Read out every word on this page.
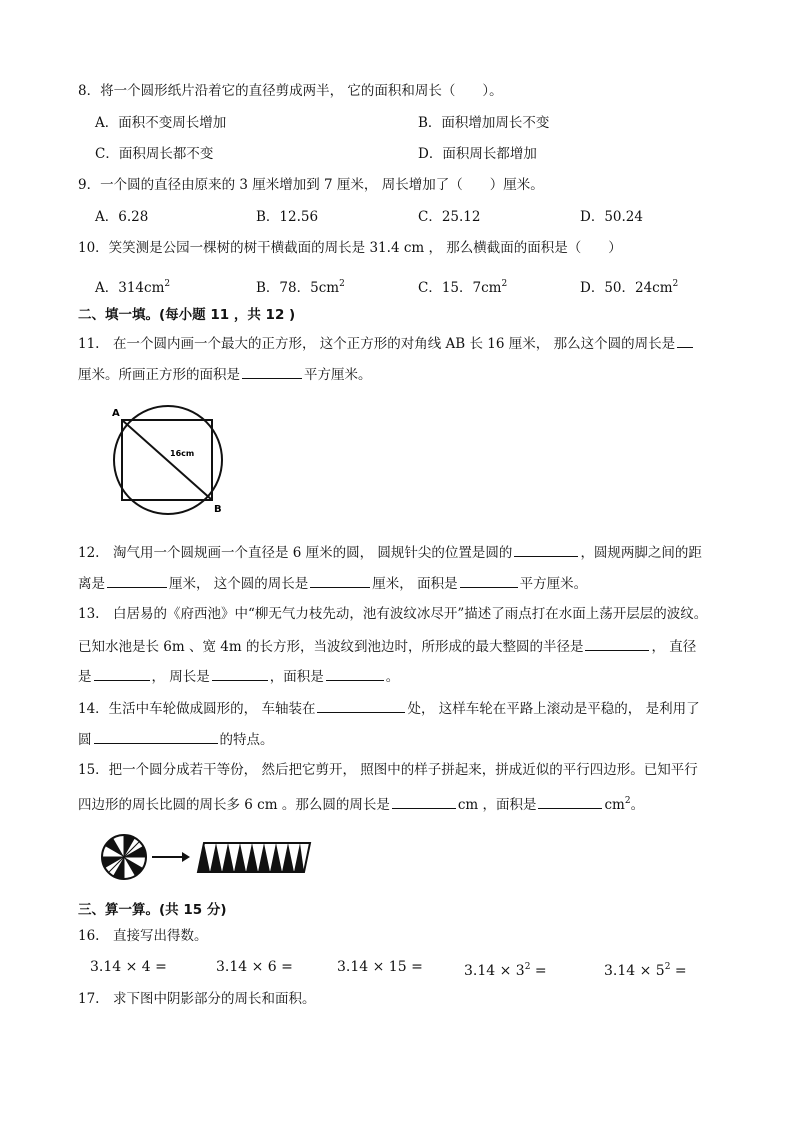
8．将一个圆形纸片沿着它的直径剪成两半， 它的面积和周长（　　）。
A．面积不变周长增加	B．面积增加周长不变
C．面积周长都不变	D．面积周长都增加
9．一个圆的直径由原来的 3 厘米增加到 7 厘米， 周长增加了（　　）厘米。
A．6.28	B．12.56	C．25.12	D．50.24
10．笑笑测是公园一棵树的树干横截面的周长是 31.4 cm ， 那么横截面的面积是（　　）
A．$314cm^2$	B．78．$5cm^2$	C．15．$7cm^2$	D．50．$24cm^2$
二、填一填。(每小题 11 ，共 12 )
11.　在一个圆内画一个最大的正方形， 这个正方形的对角线 AB 长 16 厘米， 那么这个圆的周长是
厘米。所画正方形的面积是	平方厘米。
A
B
16cm
12.　淘气用一个圆规画一个直径是 6 厘米的圆， 圆规针尖的位置是圆的	，圆规两脚之间的距
离是	厘米， 这个圆的周长是	厘米， 面积是	平方厘米。
13.　白居易的《府西池》中“柳无气力枝先动，池有波纹冰尽开”描述了雨点打在水面上荡开层层的波纹。
已知水池是长 6m 、宽 4m 的长方形，当波纹到池边时，所形成的最大整圆的半径是	， 直径
是	， 周长是	，面积是	。
14．生活中车轮做成圆形的， 车轴装在	处， 这样车轮在平路上滚动是平稳的， 是利用了
圆	的特点。
15．把一个圆分成若干等份， 然后把它剪开， 照图中的样子拼起来，拼成近似的平行四边形。已知平行
四边形的周长比圆的周长多 6 cm 。那么圆的周长是	cm ，面积是	$cm^2$。
三、算一算。(共 15 分)
16.　直接写出得数。
3.14 × 4 =	3.14 × 6 =	3.14 × 15 =	$3.14 \times 3^2$ =	$3.14 \times 5^2$ =
17.　求下图中阴影部分的周长和面积。
